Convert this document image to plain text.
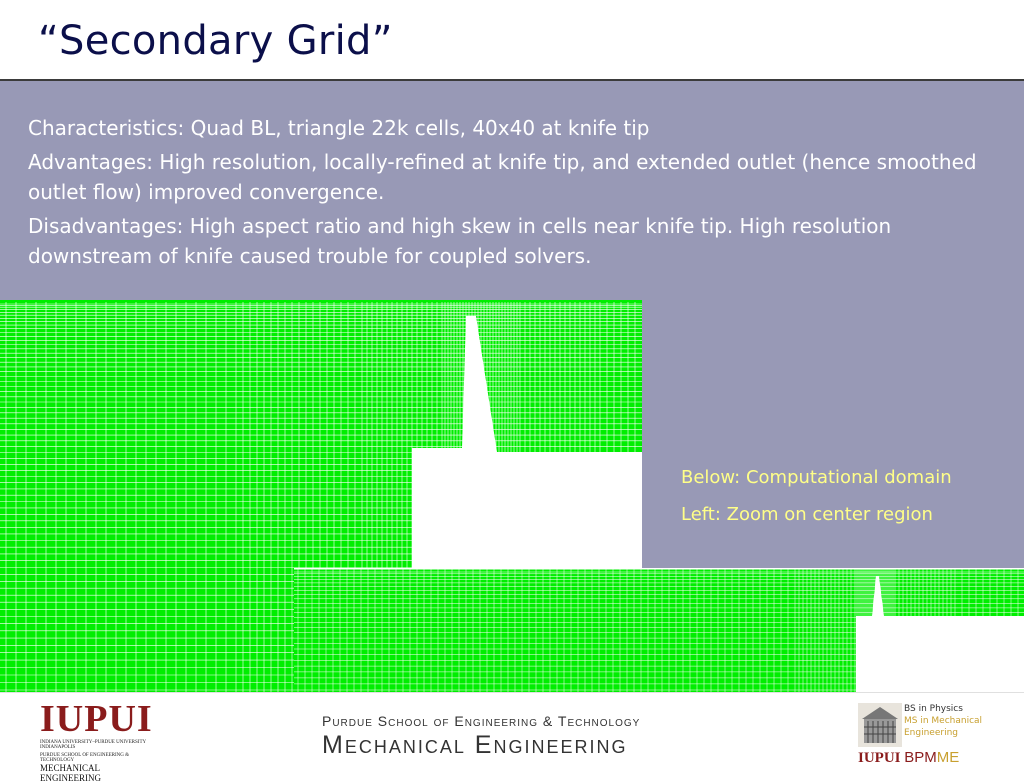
“Secondary Grid”

Characteristics: Quad BL, triangle 22k cells, 40x40 at knife tip

Advantages: High resolution, locally-refined at knife tip, and extended outlet (hence smoothed outlet flow) improved convergence.

Disadvantages: High aspect ratio and high skew in cells near knife tip. High resolution downstream of knife caused trouble for coupled solvers.

Below: Computational domain
Left: Zoom on center region
IUPUI
INDIANA UNIVERSITY–PURDUE UNIVERSITY INDIANAPOLIS
PURDUE SCHOOL OF ENGINEERING & TECHNOLOGY
MECHANICAL ENGINEERING
Purdue School of Engineering & Technology
Mechanical Engineering
BS in Physics
MS in Mechanical
Engineering
IUPUI BPMME
